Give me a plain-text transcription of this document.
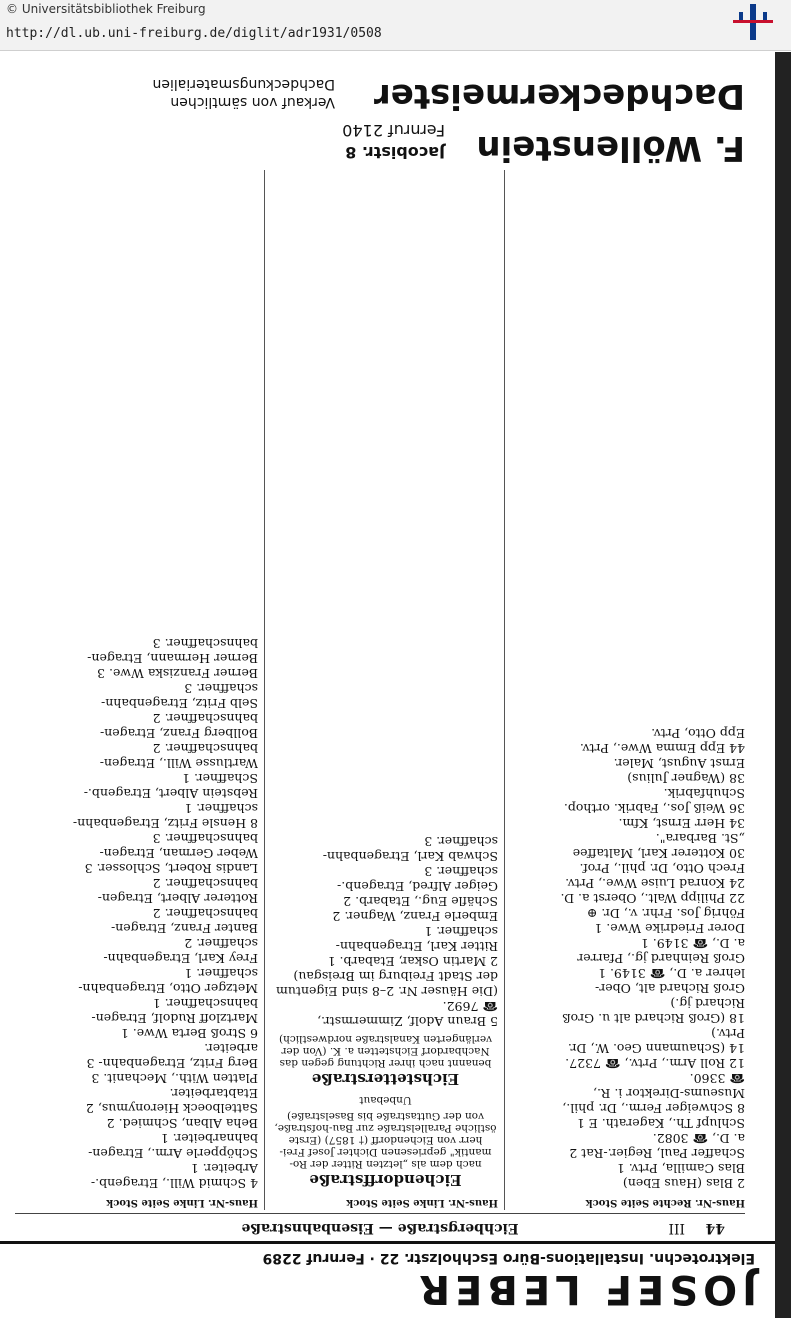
© Universitätsbibliothek Freiburg
http://dl.ub.uni-freiburg.de/diglit/adr1931/0508
JOSEF LEBER
Elektrotechn. Installations-Büro Eschholzstr. 22 · Fernruf 2289
44
III
Eichbergstraße — Eisenbahnstraße
Haus-Nr. Rechte Seite Stock
2 Blas (Haus Eben)
Blas Camilla, Prtv. 1
Schaffer Paul, Regier.-Rat 2
a. D., ☎ 3082.
Schlupf Th., Kagerath. E 1
8 Schweiger Ferm., Dr. phil.,
Museums-Direktor i. R.,
☎ 3360.
12 Roll Arm., Prtv., ☎ 7327.
14 (Schaumann Geo. W., Dr.
Prtv.)
18 (Groß Richard alt u. Groß
Richard jg.)
Groß Richard alt, Ober-
lehrer a. D., ☎ 3149. 1
Groß Reinhard jg., Pfarrer
a. D., ☎ 3149. 1
Dorer Friedrike Wwe. 1
Föhrig Jos. Frhr. v., Dr. ⊕
22 Philipp Walt., Oberst a. D.
24 Konrad Luise Wwe., Prtv.
Frech Otto, Dr. phil., Prof.
30 Kotterer Karl, Maltaffee
„St. Barbara".
34 Herr Ernst, Kfm.
36 Weiß Jos., Fabrik. orthop.
Schuhfabrik.
38 (Wagner Julius)
Ernst August, Maler.
44 Epp Emma Wwe., Prtv.
Epp Otto, Prtv.
Haus-Nr. Linke Seite Stock
Eichendorffstraße
nach dem als „letzten Ritter der Ro-mantik" gepriesenen Dichter Josef Frei-herr von Eichendorff († 1857) (Erste östliche Parallelstraße zur Bau-hofstraße, von der Guttastraße bis Baselstraße)
Unbebaut
Eichstetterstraße
benannt nach ihrer Richtung gegen das Nachbardorf Eichstetten a. K. (Von der verlängerten Kanalstraße nordwestlich)
5 Braun Adolf, Zimmermstr.,
☎ 7692.
(Die Häuser Nr. 2–8 sind Eigentum
der Stadt Freiburg im Breisgau)
2 Martin Oskar, Etabarb. 1
Ritter Karl, Etragenbahn-
schaffner. 1
Emberle Franz, Wagner. 2
Schäfle Eug., Etabarb. 2
Geiger Alfred, Etragenb.-
schaffner. 3
Schwab Karl, Etragenbahn-
schaffner. 3
Haus-Nr. Linke Seite Stock
4 Schmid Will., Etragenb.-
Arbeiter. 1
Schöpperle Arm., Etragen-
bahnarbeiter. 1
Beha Alban, Schmied. 2
Sattelboeck Hieronymus, 2
Etabtarbeiter.
Platten With., Mechanit. 3
Berg Fritz, Etragenbahn- 3
arbeiter.
6 Stroß Berta Wwe. 1
Martzloff Rudolf, Etragen-
bahnschaffner. 1
Metzger Otto, Etragenbahn-
schaffner. 1
Frey Karl, Etragenbahn-
schaffner. 2
Banter Franz, Etragen-
bahnschaffner. 2
Rotterer Albert, Etragen-
bahnschaffner. 2
Landis Robert, Schlosser. 3
Weber German, Etragen-
bahnschaffner. 3
8 Hensle Fritz, Etragenbahn-
schaffner. 1
Rebstein Albert, Etragenb.-
Schaffner. 1
Wartlusse Will., Etragen-
bahnschaffner. 2
Bollberg Franz, Etragen-
bahnschaffner. 2
Selb Fritz, Etragenbahn-
schaffner. 3
Berner Franziska Wwe. 3
Berner Hermann, Etragen-
bahnschaffner. 3
F. Wöllenstein
Jacobistr. 8
Fernruf 2140
Dachdeckermeister
Verkauf von sämtlichen
Dachdeckungsmaterialien
